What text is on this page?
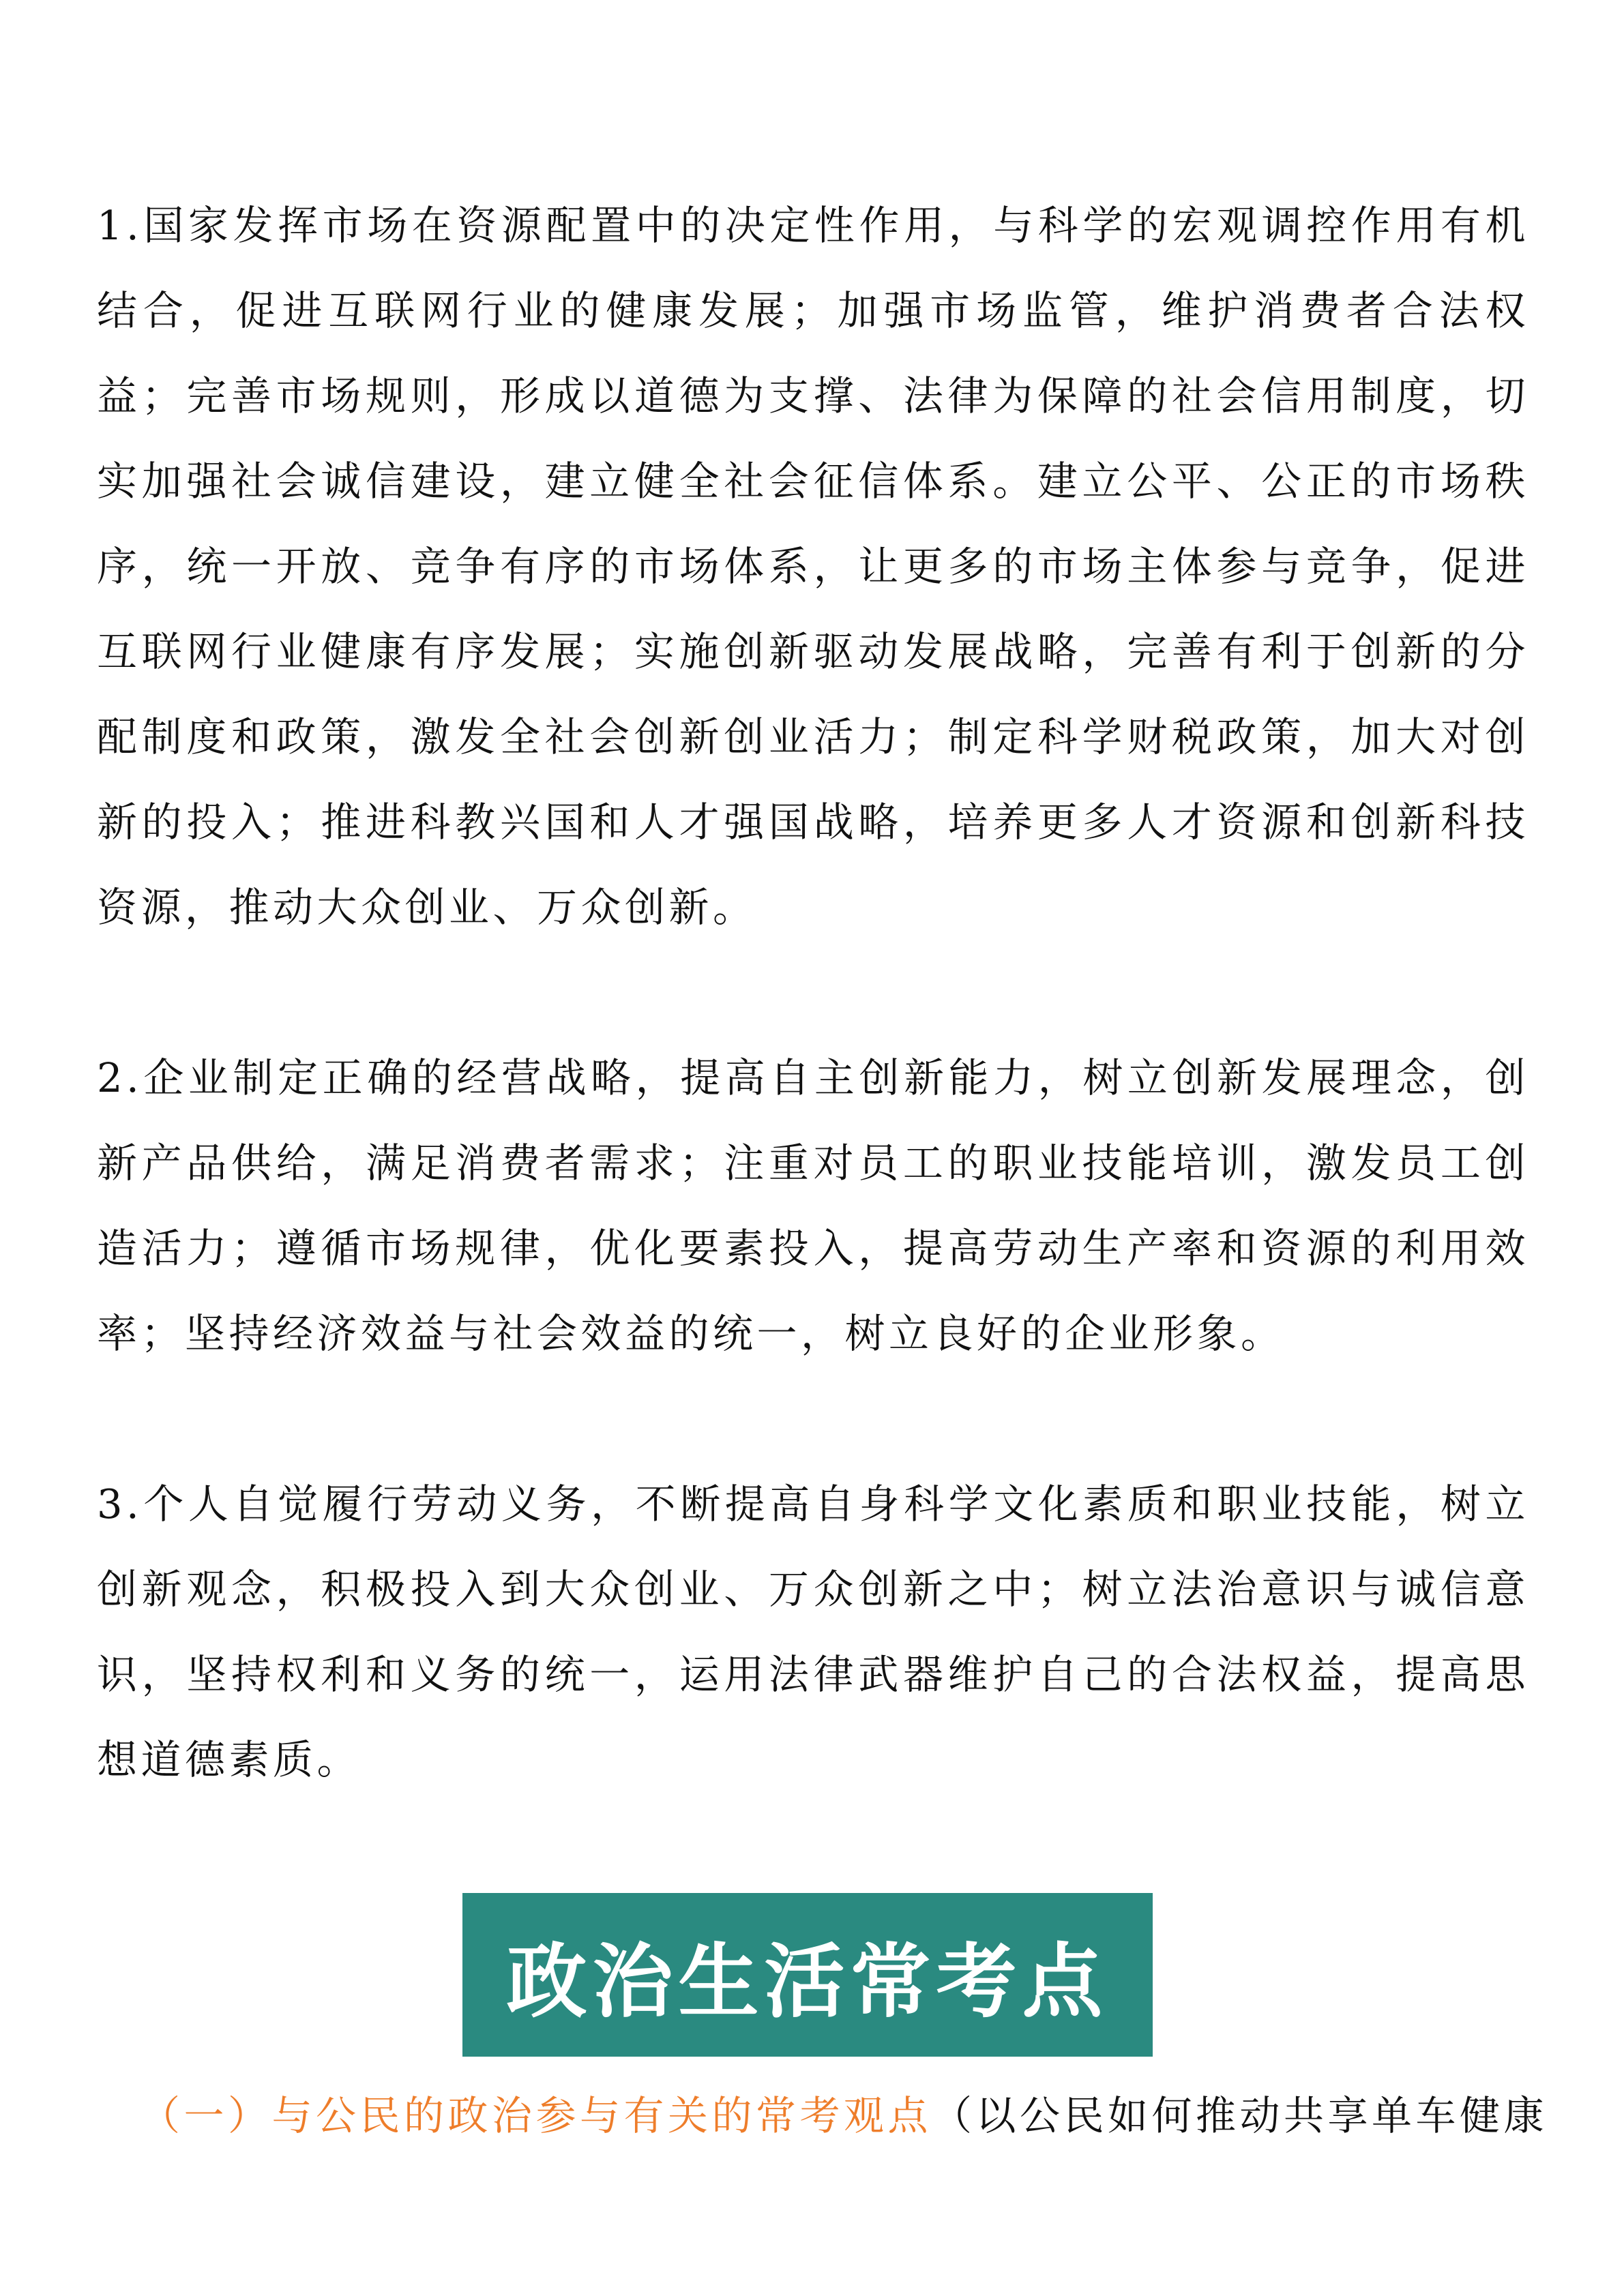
1.国家发挥市场在资源配置中的决定性作用，与科学的宏观调控作用有机结合，促进互联网行业的健康发展；加强市场监管，维护消费者合法权益；完善市场规则，形成以道德为支撑、法律为保障的社会信用制度，切实加强社会诚信建设，建立健全社会征信体系。建立公平、公正的市场秩序，统一开放、竞争有序的市场体系，让更多的市场主体参与竞争，促进互联网行业健康有序发展；实施创新驱动发展战略，完善有利于创新的分配制度和政策，激发全社会创新创业活力；制定科学财税政策，加大对创新的投入；推进科教兴国和人才强国战略，培养更多人才资源和创新科技资源，推动大众创业、万众创新。

2.企业制定正确的经营战略，提高自主创新能力，树立创新发展理念，创新产品供给，满足消费者需求；注重对员工的职业技能培训，激发员工创造活力；遵循市场规律，优化要素投入，提高劳动生产率和资源的利用效率；坚持经济效益与社会效益的统一，树立良好的企业形象。

3.个人自觉履行劳动义务，不断提高自身科学文化素质和职业技能，树立创新观念，积极投入到大众创业、万众创新之中；树立法治意识与诚信意识，坚持权利和义务的统一，运用法律武器维护自己的合法权益，提高思想道德素质。

政治生活常考点
（一）与公民的政治参与有关的常考观点（以公民如何推动共享单车健康
